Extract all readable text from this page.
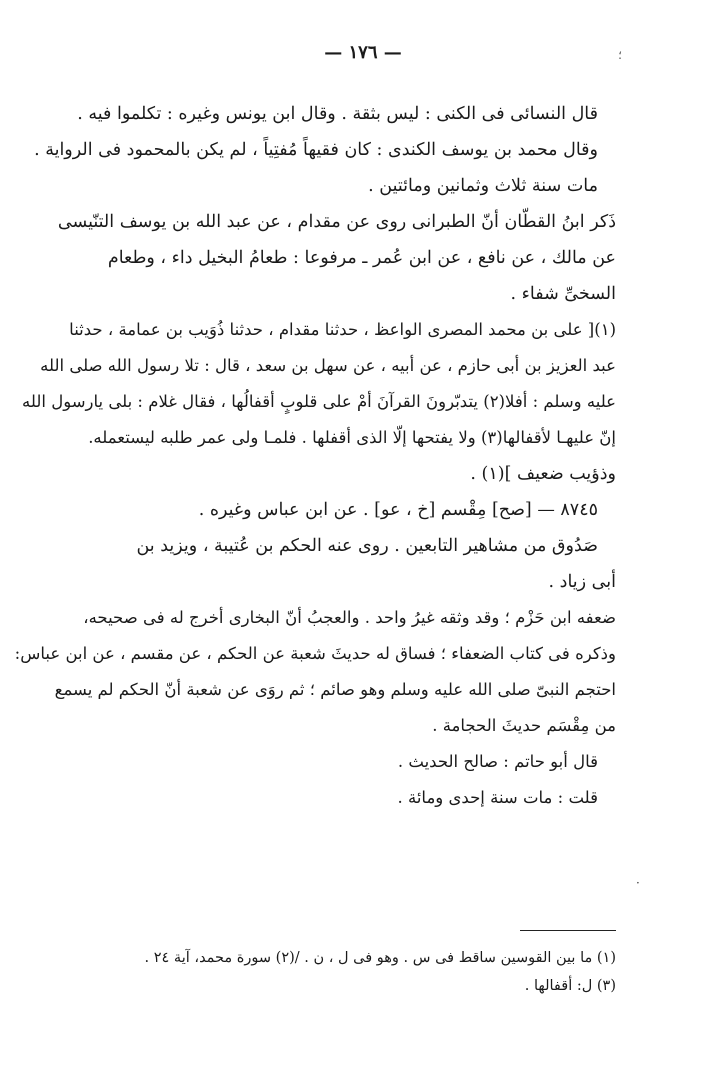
— ١٧٦ —	؛
قال النسائى فى الكنى : ليس بثقة . وقال ابن يونس وغيره : تكلموا فيه .
وقال محمد بن يوسف الكندى : كان فقيهاً مُفتِياً ، لم يكن بالمحمود فى الرواية .
مات سنة ثلاث وثمانين ومائتين .
ذَكر ابنُ القطّان أنّ الطبرانى روى عن مقدام ، عن عبد الله بن يوسف التنّيسى
عن مالك ، عن نافع ، عن ابن عُمر ـ مرفوعا : طعامُ البخيل داء ، وطعام
السخىِّ شفاء .
(١)[ على بن محمد المصرى الواعظ ، حدثنا مقدام ، حدثنا ذُوَيب بن عمامة ، حدثنا
عبد العزيز بن أبى حازم ، عن أبيه ، عن سهل بن سعد ، قال : تلا رسول الله صلى الله
عليه وسلم : أفلا(٢) يتدبّرونَ القرآنَ أمْ على قلوبٍ أقفالُها ، فقال غلام : بلى يارسول الله
إنّ عليهـا لأقفالها(٣) ولا يفتحها إلّا الذى أقفلها . فلمـا ولى عمر طلبه ليستعمله.
وذؤيب ضعيف ](١) .
٨٧٤٥ — [صح] مِقْسم [خ ، عو] . عن ابن عباس وغيره .
صَدُوق من مشاهير التابعين . روى عنه الحكم بن عُتيبة ، ويزيد بن
أبى زياد .
ضعفه ابن حَزْم ؛ وقد وثقه غيرُ واحد . والعجبُ أنّ البخارى أخرج له فى صحيحه،
وذكره فى كتاب الضعفاء ؛ فساق له حديثَ شعبة عن الحكم ، عن مقسم ، عن ابن عباس:
احتجم النبىّ صلى الله عليه وسلم وهو صائم ؛ ثم روَى عن شعبة أنّ الحكم لم يسمع
من مِقْسَم حديثَ الحجامة .
قال أبو حاتم : صالح الحديث .
قلت : مات سنة إحدى ومائة .
·
(١) ما بين القوسين ساقط فى س . وهو فى ل ، ن . /(٢) سورة محمد، آية ٢٤ .
(٣) ل: أقفالها .
